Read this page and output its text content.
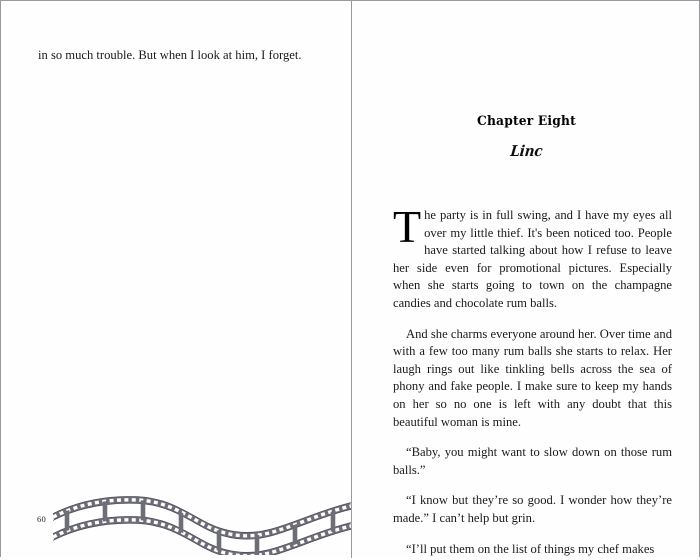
in so much trouble. But when I look at him, I forget.
60
Chapter Eight
Linc

The party is in full swing, and I have my eyes all over my little thief. It's been noticed too. People have started talking about how I refuse to leave her side even for promotional pictures. Especially when she starts going to town on the champagne candies and chocolate rum balls.

And she charms everyone around her. Over time and with a few too many rum balls she starts to relax. Her laugh rings out like tinkling bells across the sea of phony and fake people. I make sure to keep my hands on her so no one is left with any doubt that this beautiful woman is mine.

“Baby, you might want to slow down on those rum balls.”

“I know but they’re so good. I wonder how they’re made.” I can’t help but grin.

“I’ll put them on the list of things my chef makes
